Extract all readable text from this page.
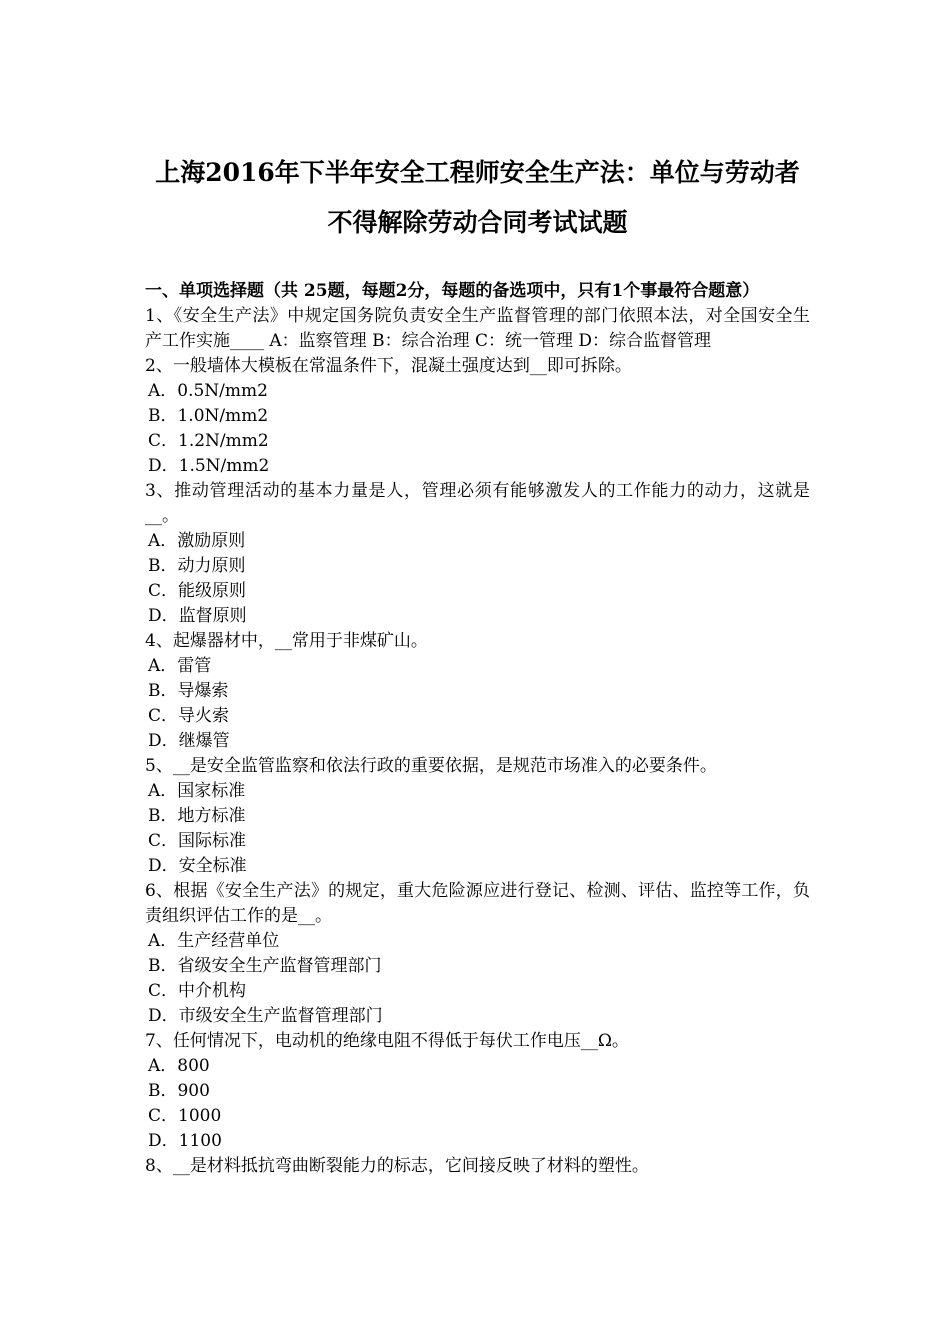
上海2016年下半年安全工程师安全生产法：单位与劳动者
不得解除劳动合同考试试题

一、单项选择题（共 25题，每题2分，每题的备选项中，只有1个事最符合题意）

1、《安全生产法》中规定国务院负责安全生产监督管理的部门依照本法，对全国安全生产工作实施____ A：监察管理 B：综合治理 C：统一管理 D：综合监督管理

2、一般墙体大模板在常温条件下，混凝土强度达到__即可拆除。

A．0.5N/mm2

B．1.0N/mm2

C．1.2N/mm2

D．1.5N/mm2

3、推动管理活动的基本力量是人，管理必须有能够激发人的工作能力的动力，这就是__。

A．激励原则

B．动力原则

C．能级原则

D．监督原则

4、起爆器材中，__常用于非煤矿山。

A．雷管

B．导爆索

C．导火索

D．继爆管

5、__是安全监管监察和依法行政的重要依据，是规范市场准入的必要条件。

A．国家标准

B．地方标准

C．国际标准

D．安全标准

6、根据《安全生产法》的规定，重大危险源应进行登记、检测、评估、监控等工作，负责组织评估工作的是__。

A．生产经营单位

B．省级安全生产监督管理部门

C．中介机构

D．市级安全生产监督管理部门

7、任何情况下，电动机的绝缘电阻不得低于每伏工作电压__Ω。

A．800

B．900

C．1000

D．1100

8、__是材料抵抗弯曲断裂能力的标志，它间接反映了材料的塑性。
